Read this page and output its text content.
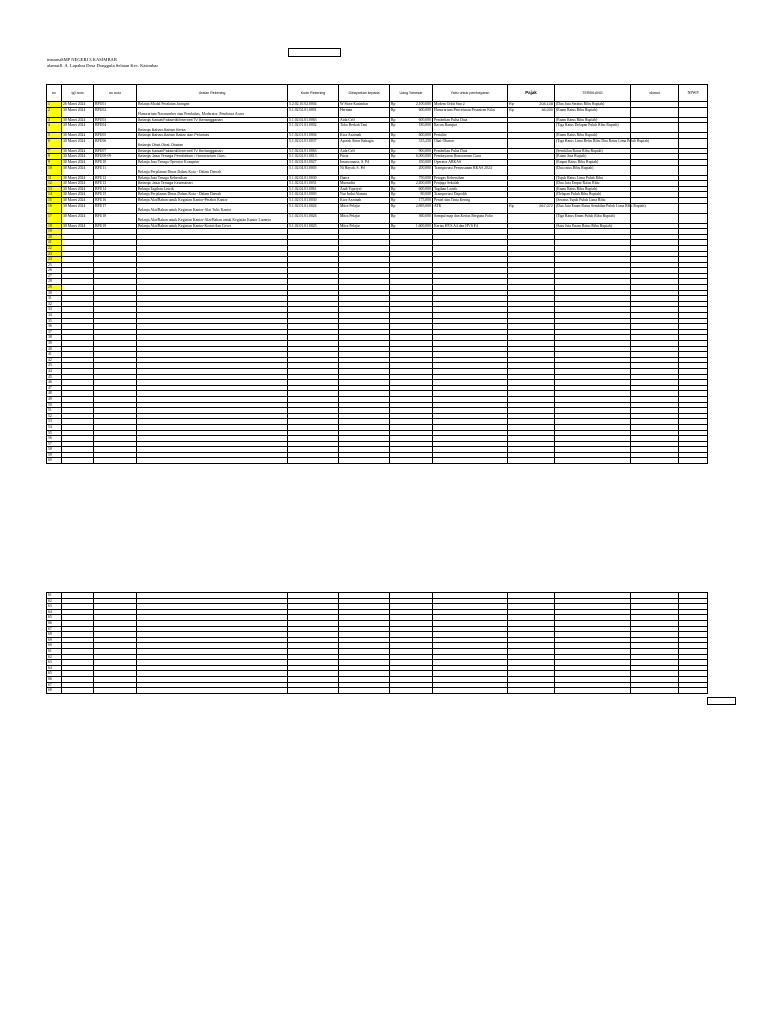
instansiSMP NEGERI 3 KASIMBAR
alamatJl. A. Lapahra Desa Donggula Selatan Kec. Kasimbar
no	tgl nota	no nota	Uraian Rekening	Kode Rekening	Dibayarkan kepada	Uang Sebesar	Yaitu untuk pembayaran	Pajak	TERBILANG	alamat	NPWP
1	26 Maret 2024	BPU01	Belanja Modal Peralatan Jaringan	5.2.02.10.02.0004	W Store Kasimbar	Rp 2,100,000	Modem Orbit Star 2	Rp 208,108	(Dua Juta Seratus Ribu Rupiah)		
2	30 Maret 2024	BPU02	Honorarium Narasumber atau Pembahas, Moderator, Pembawa Acara	5.1.02.02.01.0001	Herman	Rp 600,000	Honorarium Pencetusan Pesantren Kilat	Rp 36,000	(Enam Ratus Ribu Rupiah)		
3	30 Maret 2024	BPU03	Belanja Kawat/Faksimili/Internet/TV Berlangganan	5.1.02.02.01.0063	Aida Cell	Rp 600,000	Pembelian Pulsa Data		(Enam Ratus Ribu Rupiah)		
4	30 Maret 2024	BPU04	Belanja Bahan-Bahan Kimia	5.1.02.01.01.0002	Toko Berkah Tani	Rp 180,000	Racun Rumput		(Tiga Ratus Delapan Puluh Ribu Rupiah)		
5	30 Maret 2024	BPU05	Belanja Bahan-Bahan Bakar dan Pelumas	5.1.02.01.01.0004	Kios Azzanah	Rp 600,000	Pertalite		(Enam Ratus Ribu Rupiah)		
6	30 Maret 2024	BPU06	Belanja Obat-Obat-Obatan	5.1.02.01.01.0037	Apotek Sinar Bahagia	Rp 315,250	Obat-Obatan		(Tiga Ratus Lima Belas Ribu Dua Ratus Lima Puluh Rupiah)		
7	30 Maret 2024	BPU07	Belanja Kawat/Faksimili/Internet/TV Berlangganan	5.1.02.02.01.0063	Aida Cell	Rp 900,000	Pembelian Pulsa Data		(Sembilan Ratus Ribu Rupiah)		
8	30 Maret 2024	BPU08-09	Belanja Jasa Tenaga Pendidikan / Honorarium Guru	5.1.02.02.01.0013	Fitria	Rp 6,000,000	Pembayaran Honorarium Guru		(Enam Juta Rupiah)		
9	30 Maret 2024	BPU10	Belanja Jasa Tenaga Operator Komputer	5.1.02.02.01.0027	Irmawanarta, S. Pd	Rp 450,000	Operator ARKAS		(Empat Ratus Ribu Rupiah)		
10	30 Maret 2024	BPU11	Belanja Perjalanan Dinas Dalam Kota - Dalam Daerah	5.1.02.04.01.0003	Ni Hayah, S. Pd	Rp 200,000	Transportasi Penyusunan RKAS 2024		(Dua ratus Ribu Rupiah)		
11	30 Maret 2024	BPU12	Belanja Jasa Tenaga Kebersihan	5.1.02.02.01.0030	Danra	Rp 750,000	Petugas Kebersihan		(Tujuh Ratus Lima Puluh Ribu		
12	30 Maret 2024	BPU13	Belanja Jasa Tenaga Keamanan	5.1.02.02.01.0031	Murnadin	Rp 2,400,000	Penjaga Sekolah		(Dua Juta Empat Ratus Ribu		
13	30 Maret 2024	BPU14	Belanja Tagihan Listrik	5.1.02.02.01.0061	Andi Yopriyal	Rp 600,000	Tagihan Listrik		(Enam Ratus Ribu Rupiah)		
14	30 Maret 2024	BPU15	Belanja Perjalanan Dinas Dalam Kota - Dalam Daerah	5.1.02.04.01.0003	Nur Indai Alamsa	Rp 80,000	Transportasi Dapodik		(Delapan Puluh Ribu Rupiah)		
15	30 Maret 2024	BPU16	Belanja Alat/Bahan untuk Kegiatan Kantor-Perabot Kantor	5.1.02.01.01.0030	Kios Azzanah	Rp 175,000	Pentel dan Tinta Kering		(Seratus Tujuh Puluh Lima Ribu		
16	30 Maret 2024	BPU17	Belanja Alat/Bahan untuk Kegiatan Kantor-Alat Tulis Kantor	5.1.02.01.01.0024	Mitra Pelajar	Rp 2,695,000	ATK	Rp 267,072	(Dua Juta Enam Ratus Sembilan Puluh Lima Ribu Rupiah)		
17	30 Maret 2024	BPU18	Belanja Alat/Bahan untuk Kegiatan Kantor-Alat/Bahan untuk Kegiatan Kantor Lainnya	5.1.02.01.01.0026	Mitra Pelajar	Rp 360,000	Sampul map dan Kertas Berguna Folio		(Tiga Ratus Enam Puluh Ribu Rupiah)		
18	30 Maret 2024	BPU19	Belanja Alat/Bahan untuk Kegiatan Kantor-Kertas dan Cover	5.1.02.01.01.0025	Mitra Pelajar	Rp 1,600,000	Kertas HVS A4 dan HVS F4		(Satu Juta Enam Ratus Ribu Rupiah)		
19											
20											
21											
22											
23											
24											
25											
26											
27											
28											
29											
30											
31											
32											
33											
34											
35											
36											
37											
38											
39											
40											
41											
42											
43											
44											
45											
46											
47											
48											
49											
50											
51											
52											
53											
54											
55											
56											
57											
58											
59											
60											
61											
62											
63											
64											
65											
66											
67											
68											
69											
60											
61											
62											
63											
64											
65											
66											
67											
68											
